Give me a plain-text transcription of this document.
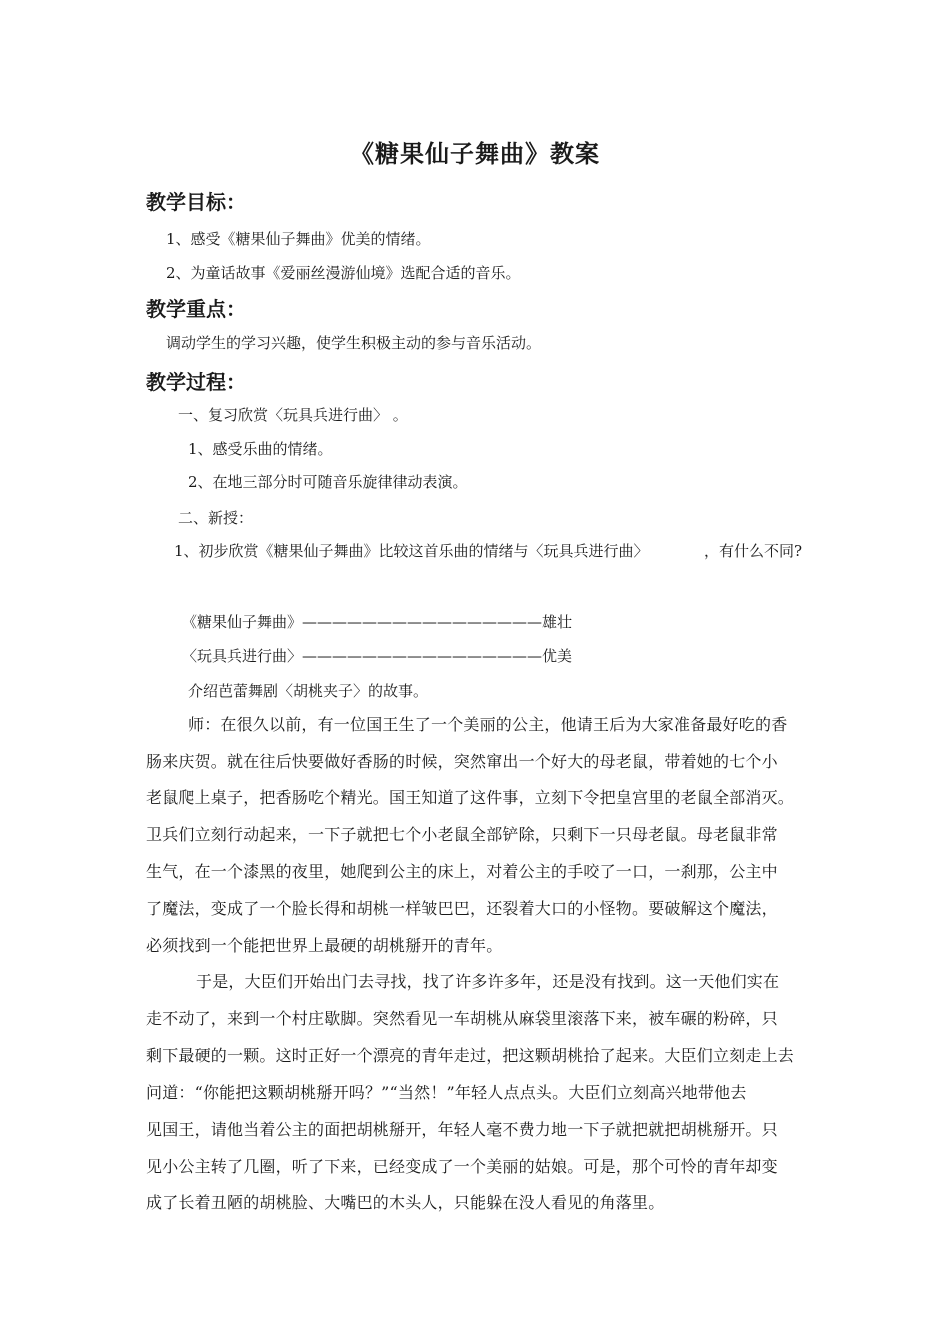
《糖果仙子舞曲》教案
教学目标：
1、感受《糖果仙子舞曲》优美的情绪。
2、为童话故事《爱丽丝漫游仙境》选配合适的音乐。
教学重点：
调动学生的学习兴趣，使学生积极主动的参与音乐活动。
教学过程：
一、复习欣赏〈玩具兵进行曲〉 。
1、感受乐曲的情绪。
2、在地三部分时可随音乐旋律律动表演。
二、新授：
1、初步欣赏《糖果仙子舞曲》比较这首乐曲的情绪与〈玩具兵进行曲〉	，有什么不同?
《糖果仙子舞曲》————————————————雄壮
〈玩具兵进行曲〉————————————————优美
介绍芭蕾舞剧〈胡桃夹子〉的故事。
师：在很久以前，有一位国王生了一个美丽的公主，他请王后为大家准备最好吃的香
肠来庆贺。就在往后快要做好香肠的时候，突然窜出一个好大的母老鼠，带着她的七个小
老鼠爬上桌子，把香肠吃个精光。国王知道了这件事，立刻下令把皇宫里的老鼠全部消灭。
卫兵们立刻行动起来，一下子就把七个小老鼠全部铲除，只剩下一只母老鼠。母老鼠非常
生气，在一个漆黑的夜里，她爬到公主的床上，对着公主的手咬了一口，一刹那，公主中
了魔法，变成了一个脸长得和胡桃一样皱巴巴，还裂着大口的小怪物。要破解这个魔法，
必须找到一个能把世界上最硬的胡桃掰开的青年。
于是，大臣们开始出门去寻找，找了许多许多年，还是没有找到。这一天他们实在
走不动了，来到一个村庄歇脚。突然看见一车胡桃从麻袋里滚落下来，被车碾的粉碎，只
剩下最硬的一颗。这时正好一个漂亮的青年走过，把这颗胡桃拾了起来。大臣们立刻走上去
问道：“你能把这颗胡桃掰开吗？”“当然！”年轻人点点头。大臣们立刻高兴地带他去
见国王，请他当着公主的面把胡桃掰开，年轻人毫不费力地一下子就把就把胡桃掰开。只
见小公主转了几圈，听了下来，已经变成了一个美丽的姑娘。可是，那个可怜的青年却变
成了长着丑陋的胡桃脸、大嘴巴的木头人，只能躲在没人看见的角落里。
